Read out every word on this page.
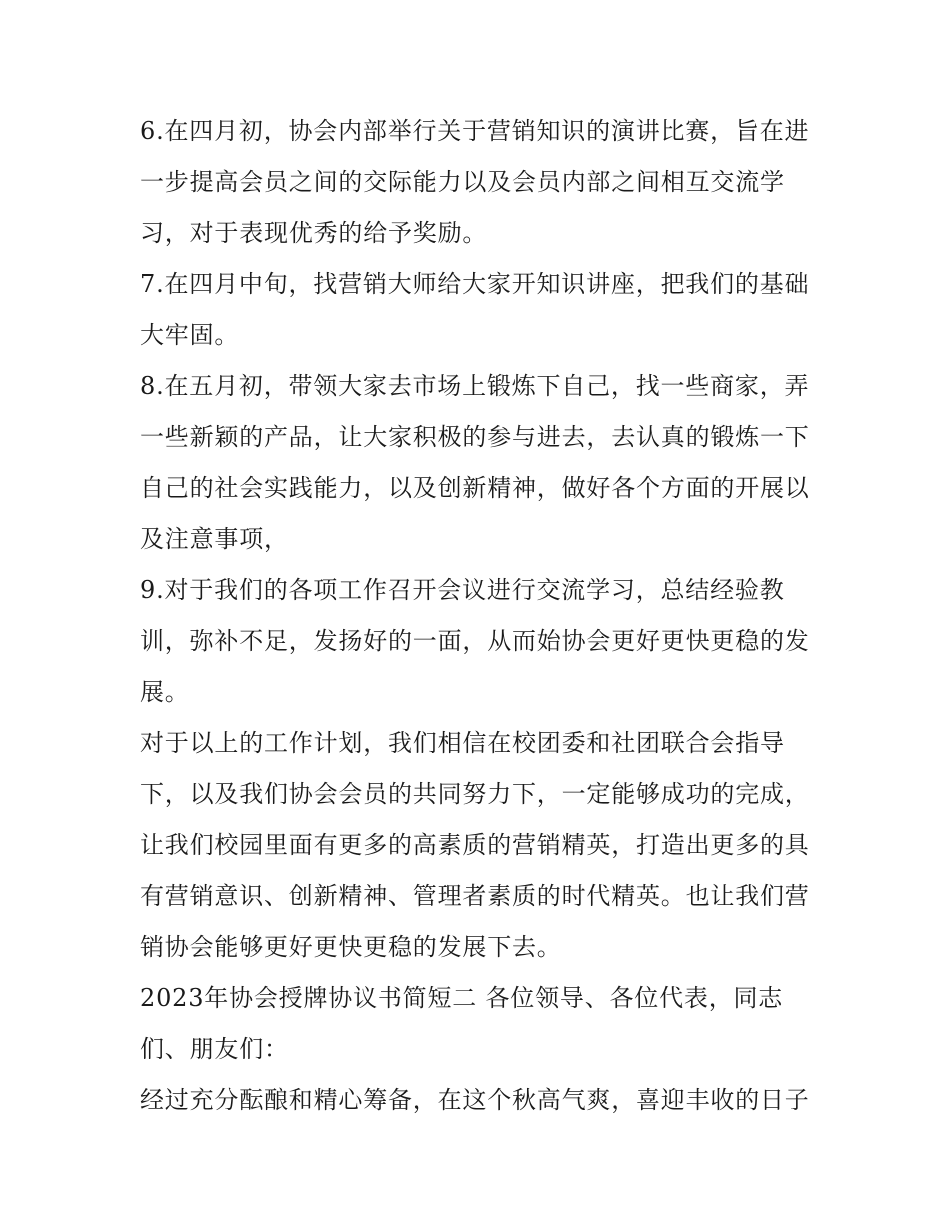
6.在四月初，协会内部举行关于营销知识的演讲比赛，旨在进
一步提高会员之间的交际能力以及会员内部之间相互交流学
习，对于表现优秀的给予奖励。
7.在四月中旬，找营销大师给大家开知识讲座，把我们的基础
大牢固。
8.在五月初，带领大家去市场上锻炼下自己，找一些商家，弄
一些新颖的产品，让大家积极的参与进去，去认真的锻炼一下
自己的社会实践能力，以及创新精神，做好各个方面的开展以
及注意事项，
9.对于我们的各项工作召开会议进行交流学习，总结经验教
训，弥补不足，发扬好的一面，从而始协会更好更快更稳的发
展。
对于以上的工作计划，我们相信在校团委和社团联合会指导
下，以及我们协会会员的共同努力下，一定能够成功的完成，
让我们校园里面有更多的高素质的营销精英，打造出更多的具
有营销意识、创新精神、管理者素质的时代精英。也让我们营
销协会能够更好更快更稳的发展下去。
2023年协会授牌协议书简短二 各位领导、各位代表，同志
们、朋友们：
经过充分酝酿和精心筹备，在这个秋高气爽，喜迎丰收的日子
